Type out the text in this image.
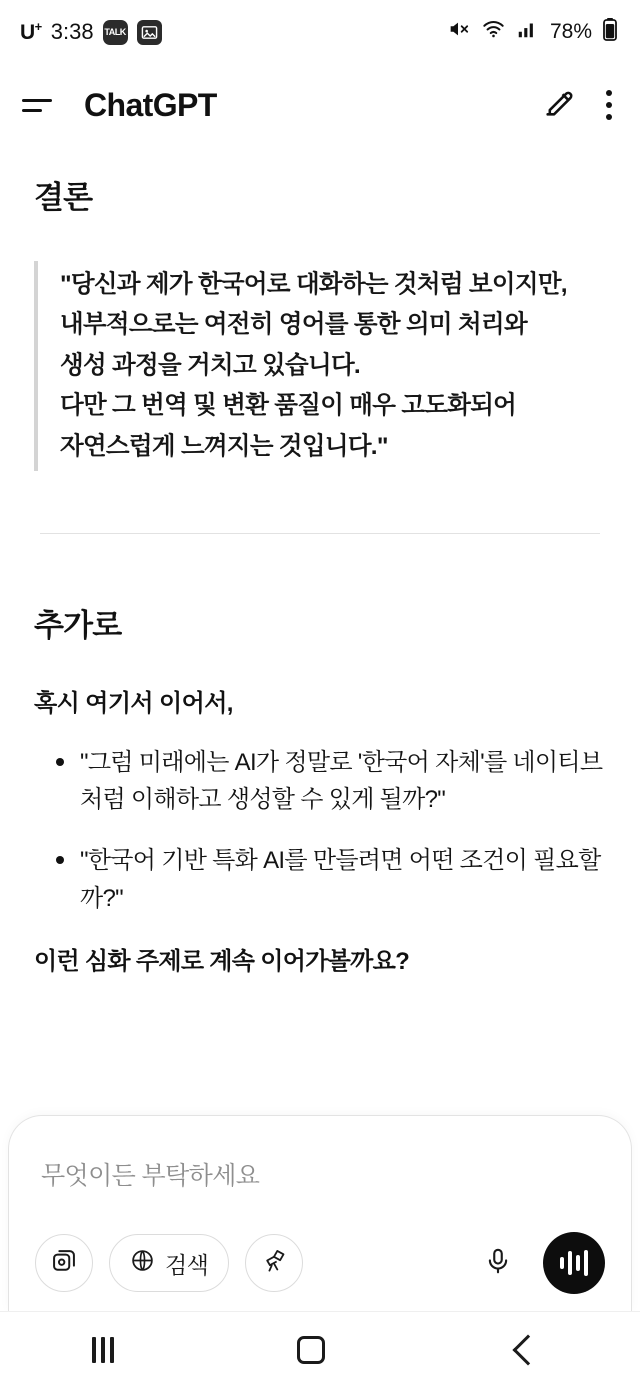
U+ 3:38 TALK	78%
ChatGPT
결론

"당신과 제가 한국어로 대화하는 것처럼 보이지만,

내부적으로는 여전히 영어를 통한 의미 처리와

생성 과정을 거치고 있습니다.

다만 그 번역 및 변환 품질이 매우 고도화되어

자연스럽게 느껴지는 것입니다."

추가로

혹시 여기서 이어서,

"그럼 미래에는 AI가 정말로 '한국어 자체'를 네이티브처럼 이해하고 생성할 수 있게 될까?"
"한국어 기반 특화 AI를 만들려면 어떤 조건이 필요할까?"

이런 심화 주제로 계속 이어가볼까요?

무엇이든 부탁하세요
검색
